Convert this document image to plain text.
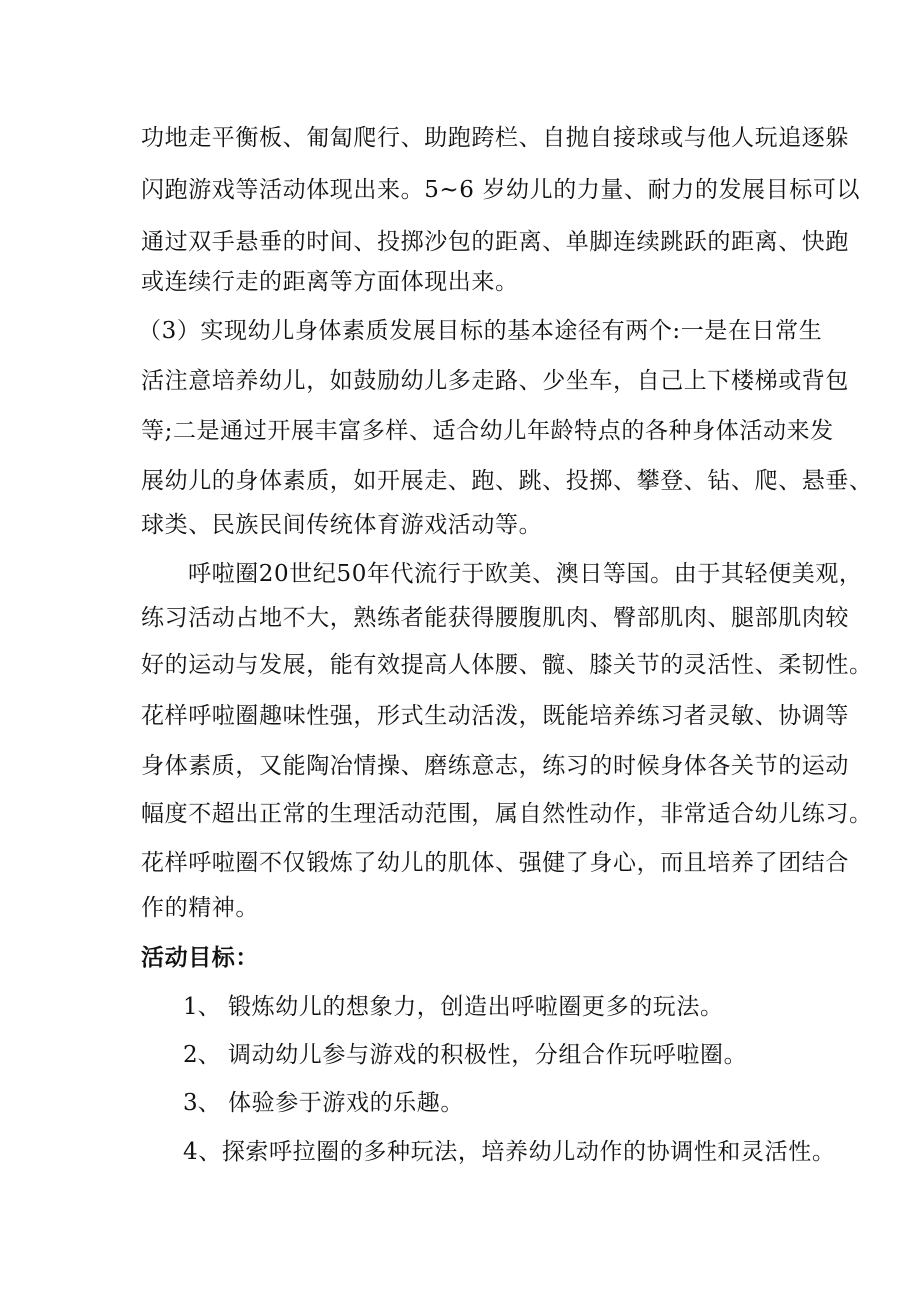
功地走平衡板、匍匐爬行、助跑跨栏、自抛自接球或与他人玩追逐躲
闪跑游戏等活动体现出来。5~6 岁幼儿的力量、耐力的发展目标可以
通过双手悬垂的时间、投掷沙包的距离、单脚连续跳跃的距离、快跑
或连续行走的距离等方面体现出来。
（3）实现幼儿身体素质发展目标的基本途径有两个:一是在日常生
活注意培养幼儿，如鼓励幼儿多走路、少坐车，自己上下楼梯或背包
等;二是通过开展丰富多样、适合幼儿年龄特点的各种身体活动来发
展幼儿的身体素质，如开展走、跑、跳、投掷、攀登、钻、爬、悬垂、
球类、民族民间传统体育游戏活动等。
呼啦圈20世纪50年代流行于欧美、澳日等国。由于其轻便美观，
练习活动占地不大，熟练者能获得腰腹肌肉、臀部肌肉、腿部肌肉较
好的运动与发展，能有效提高人体腰、髋、膝关节的灵活性、柔韧性。
花样呼啦圈趣味性强，形式生动活泼，既能培养练习者灵敏、协调等
身体素质，又能陶冶情操、磨练意志，练习的时候身体各关节的运动
幅度不超出正常的生理活动范围，属自然性动作，非常适合幼儿练习。
花样呼啦圈不仅锻炼了幼儿的肌体、强健了身心，而且培养了团结合
作的精神。
活动目标：
1、 锻炼幼儿的想象力，创造出呼啦圈更多的玩法。
2、 调动幼儿参与游戏的积极性，分组合作玩呼啦圈。
3、 体验参于游戏的乐趣。
4、探索呼拉圈的多种玩法，培养幼儿动作的协调性和灵活性。
